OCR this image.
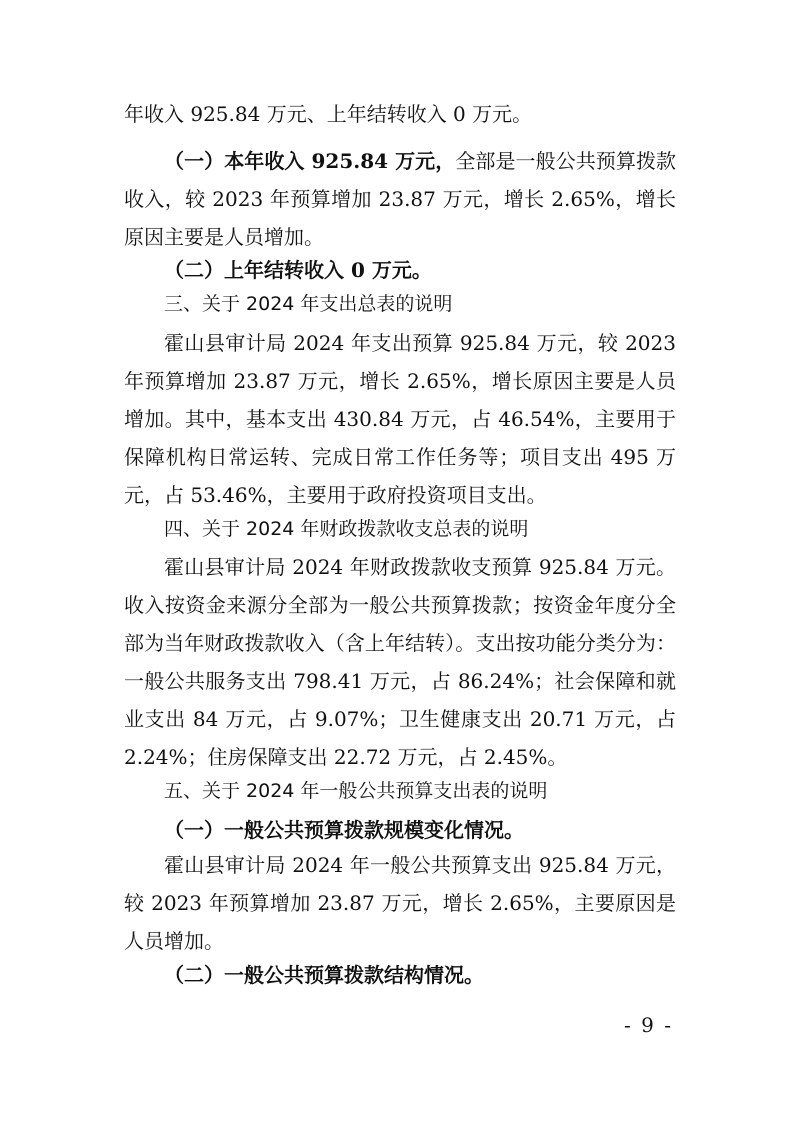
年收入 925.84 万元、上年结转收入 0 万元。

（一）本年收入 925.84 万元，全部是一般公共预算拨款收入，较 2023 年预算增加 23.87 万元，增长 2.65%，增长原因主要是人员增加。

（二）上年结转收入 0 万元。

三、关于 2024 年支出总表的说明

霍山县审计局 2024 年支出预算 925.84 万元，较 2023 年预算增加 23.87 万元，增长 2.65%，增长原因主要是人员增加。其中，基本支出 430.84 万元，占 46.54%，主要用于保障机构日常运转、完成日常工作任务等；项目支出 495 万元，占 53.46%，主要用于政府投资项目支出。

四、关于 2024 年财政拨款收支总表的说明

霍山县审计局 2024 年财政拨款收支预算 925.84 万元。收入按资金来源分全部为一般公共预算拨款；按资金年度分全部为当年财政拨款收入（含上年结转）。支出按功能分类分为：一般公共服务支出 798.41 万元，占 86.24%；社会保障和就业支出 84 万元，占 9.07%；卫生健康支出 20.71 万元，占 2.24%；住房保障支出 22.72 万元，占 2.45%。

五、关于 2024 年一般公共预算支出表的说明

（一）一般公共预算拨款规模变化情况。

霍山县审计局 2024 年一般公共预算支出 925.84 万元，较 2023 年预算增加 23.87 万元，增长 2.65%，主要原因是人员增加。

（二）一般公共预算拨款结构情况。

- 9 -
